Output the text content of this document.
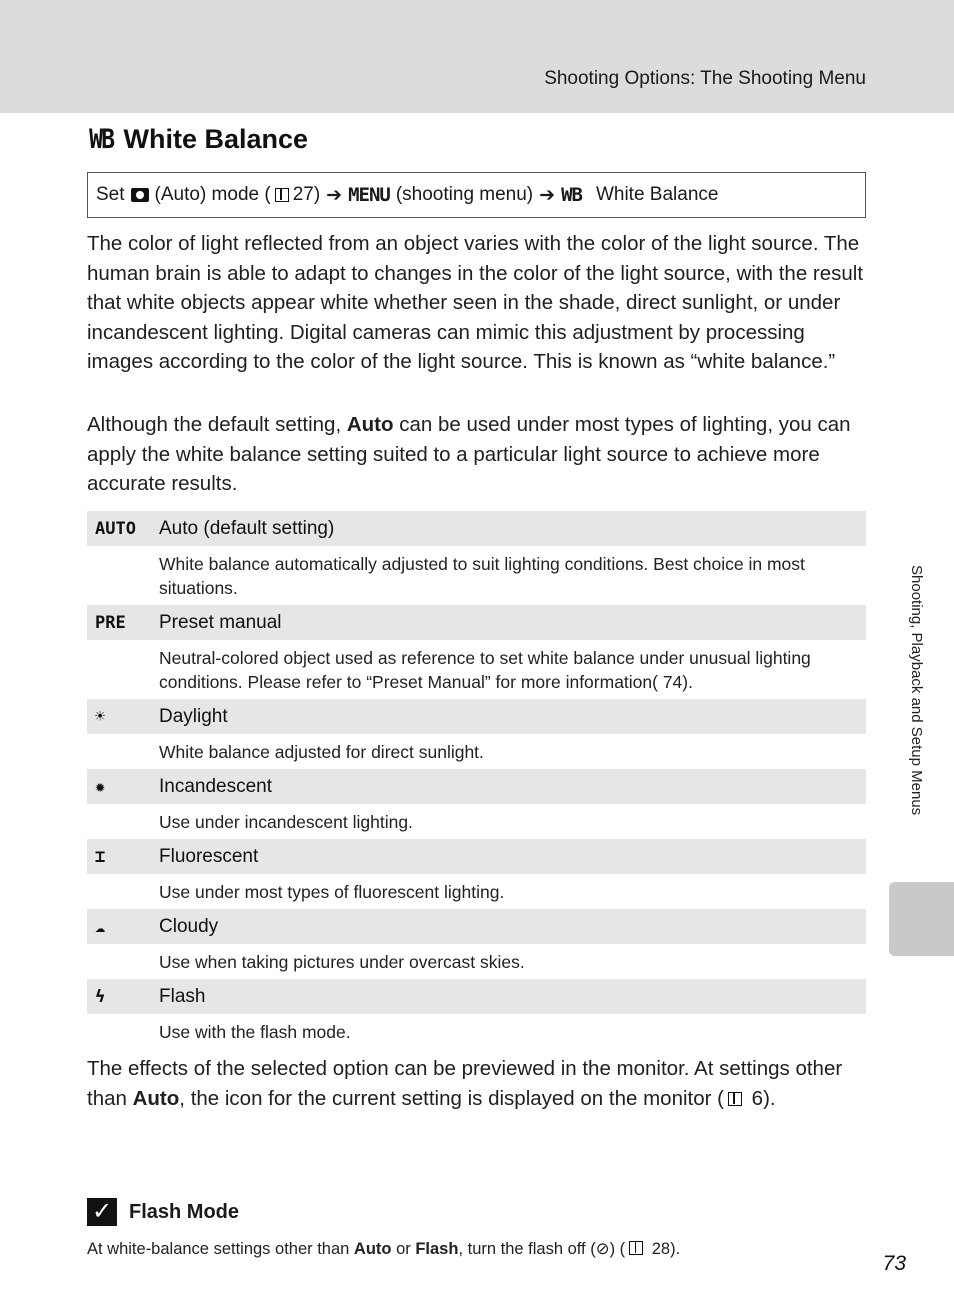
Shooting Options: The Shooting Menu
Shooting, Playback and Setup Menus
WB White Balance
Set (Auto) mode ( 27) ➔ MENU (shooting menu) ➔ WB White Balance
The color of light reflected from an object varies with the color of the light source. The human brain is able to adapt to changes in the color of the light source, with the result that white objects appear white whether seen in the shade, direct sunlight, or under incandescent lighting. Digital cameras can mimic this adjustment by processing images according to the color of the light source. This is known as “white balance.”
Although the default setting, Auto can be used under most types of lighting, you can apply the white balance setting suited to a particular light source to achieve more accurate results.
AUTO	Auto (default setting)
White balance automatically adjusted to suit lighting conditions. Best choice in most situations.
PRE	Preset manual
Neutral-colored object used as reference to set white balance under unusual lighting conditions. Please refer to “Preset Manual” for more information( 74).
☀	Daylight
White balance adjusted for direct sunlight.
✹	Incandescent
Use under incandescent lighting.
⌶	Fluorescent
Use under most types of fluorescent lighting.
☁	Cloudy
Use when taking pictures under overcast skies.
ϟ	Flash
Use with the flash mode.
The effects of the selected option can be previewed in the monitor. At settings other than Auto, the icon for the current setting is displayed on the monitor ( 6).
✓ Flash Mode
At white-balance settings other than Auto or Flash, turn the flash off (⊘) ( 28).
73
